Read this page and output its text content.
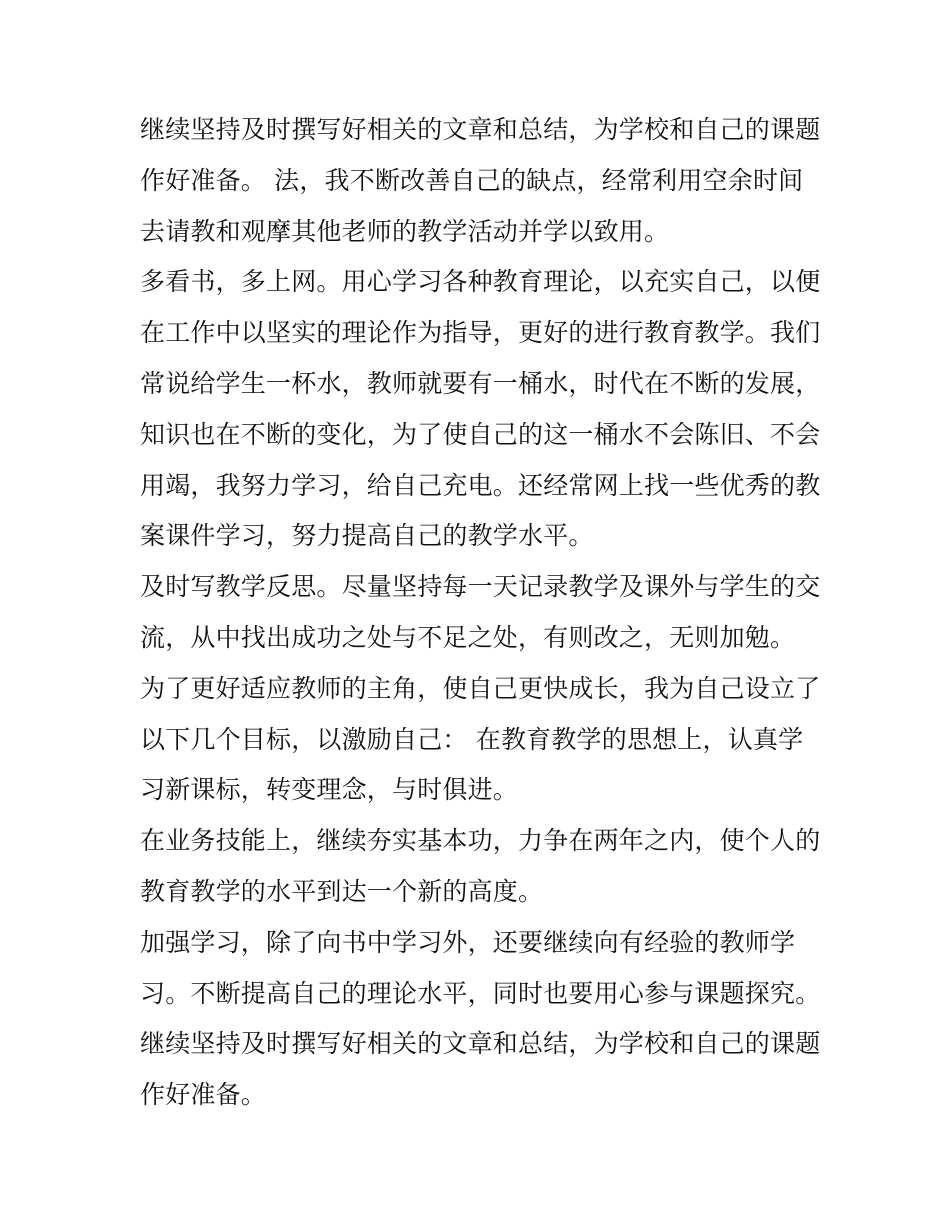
继续坚持及时撰写好相关的文章和总结，为学校和自己的课题
作好准备。 法，我不断改善自己的缺点，经常利用空余时间
去请教和观摩其他老师的教学活动并学以致用。

多看书，多上网。用心学习各种教育理论，以充实自己，以便
在工作中以坚实的理论作为指导，更好的进行教育教学。我们
常说给学生一杯水，教师就要有一桶水，时代在不断的发展，
知识也在不断的变化，为了使自己的这一桶水不会陈旧、不会
用竭，我努力学习，给自己充电。还经常网上找一些优秀的教
案课件学习，努力提高自己的教学水平。

及时写教学反思。尽量坚持每一天记录教学及课外与学生的交
流，从中找出成功之处与不足之处，有则改之，无则加勉。

为了更好适应教师的主角，使自己更快成长，我为自己设立了
以下几个目标，以激励自己： 在教育教学的思想上，认真学
习新课标，转变理念，与时俱进。

在业务技能上，继续夯实基本功，力争在两年之内，使个人的
教育教学的水平到达一个新的高度。

加强学习，除了向书中学习外，还要继续向有经验的教师学
习。不断提高自己的理论水平，同时也要用心参与课题探究。

继续坚持及时撰写好相关的文章和总结，为学校和自己的课题
作好准备。
